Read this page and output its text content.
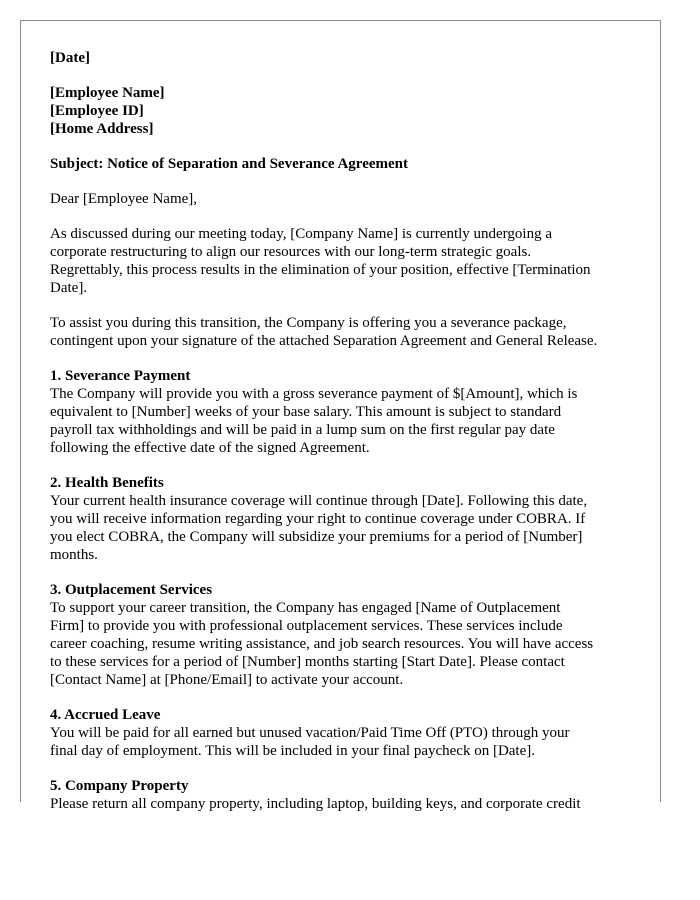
[Date]
[Employee Name]
[Employee ID]
[Home Address]
Subject: Notice of Separation and Severance Agreement
Dear [Employee Name],
As discussed during our meeting today, [Company Name] is currently undergoing a
corporate restructuring to align our resources with our long-term strategic goals.
Regrettably, this process results in the elimination of your position, effective [Termination
Date].
To assist you during this transition, the Company is offering you a severance package,
contingent upon your signature of the attached Separation Agreement and General Release.
1. Severance Payment
The Company will provide you with a gross severance payment of $[Amount], which is
equivalent to [Number] weeks of your base salary. This amount is subject to standard
payroll tax withholdings and will be paid in a lump sum on the first regular pay date
following the effective date of the signed Agreement.
2. Health Benefits
Your current health insurance coverage will continue through [Date]. Following this date,
you will receive information regarding your right to continue coverage under COBRA. If
you elect COBRA, the Company will subsidize your premiums for a period of [Number]
months.
3. Outplacement Services
To support your career transition, the Company has engaged [Name of Outplacement
Firm] to provide you with professional outplacement services. These services include
career coaching, resume writing assistance, and job search resources. You will have access
to these services for a period of [Number] months starting [Start Date]. Please contact
[Contact Name] at [Phone/Email] to activate your account.
4. Accrued Leave
You will be paid for all earned but unused vacation/Paid Time Off (PTO) through your
final day of employment. This will be included in your final paycheck on [Date].
5. Company Property
Please return all company property, including laptop, building keys, and corporate credit
